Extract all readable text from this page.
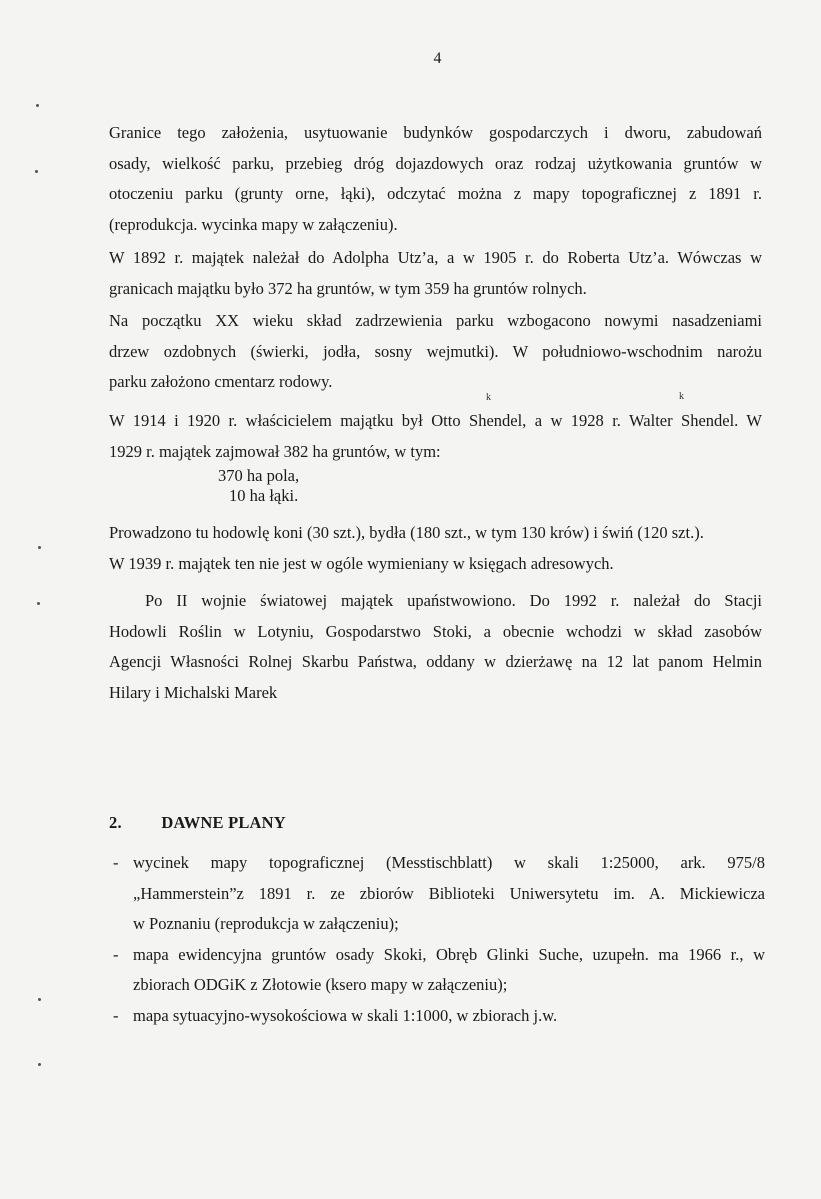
4
Granice tego założenia, usytuowanie budynków gospodarczych i dworu, zabudowań
osady, wielkość parku, przebieg dróg dojazdowych oraz rodzaj użytkowania gruntów w
otoczeniu parku (grunty orne, łąki), odczytać można z mapy topograficznej z 1891 r.
(reprodukcja. wycinka mapy w załączeniu).
W 1892 r. majątek należał do Adolpha Utz’a, a w 1905 r. do Roberta Utz’a. Wówczas w
granicach majątku było 372 ha gruntów, w tym 359 ha gruntów rolnych.
Na początku XX wieku skład zadrzewienia parku wzbogacono nowymi nasadzeniami
drzew ozdobnych (świerki, jodła, sosny wejmutki). W południowo-wschodnim narożu
parku założono cmentarz rodowy.
k	k
W 1914 i 1920 r. właścicielem majątku był Otto Shendel, a w 1928 r. Walter Shendel. W
1929 r. majątek zajmował 382 ha gruntów, w tym:
370 ha pola,
10 ha łąki.
Prowadzono tu hodowlę koni (30 szt.), bydła (180 szt., w tym 130 krów) i świń (120 szt.).
W 1939 r. majątek ten nie jest w ogóle wymieniany w księgach adresowych.
Po II wojnie światowej majątek upaństwowiono. Do 1992 r. należał do Stacji
Hodowli Roślin w Lotyniu, Gospodarstwo Stoki, a obecnie wchodzi w skład zasobów
Agencji Własności Rolnej Skarbu Państwa, oddany w dzierżawę na 12 lat panom Helmin
Hilary i Michalski Marek
2. DAWNE PLANY
- wycinek mapy topograficznej (Messtischblatt) w skali 1:25000, ark. 975/8
„Hammerstein”z 1891 r. ze zbiorów Biblioteki Uniwersytetu im. A. Mickiewicza
w Poznaniu (reprodukcja w załączeniu);
- mapa ewidencyjna gruntów osady Skoki, Obręb Glinki Suche, uzupełn. ma 1966 r., w
zbiorach ODGiK z Złotowie (ksero mapy w załączeniu);
- mapa sytuacyjno-wysokościowa w skali 1:1000, w zbiorach j.w.
